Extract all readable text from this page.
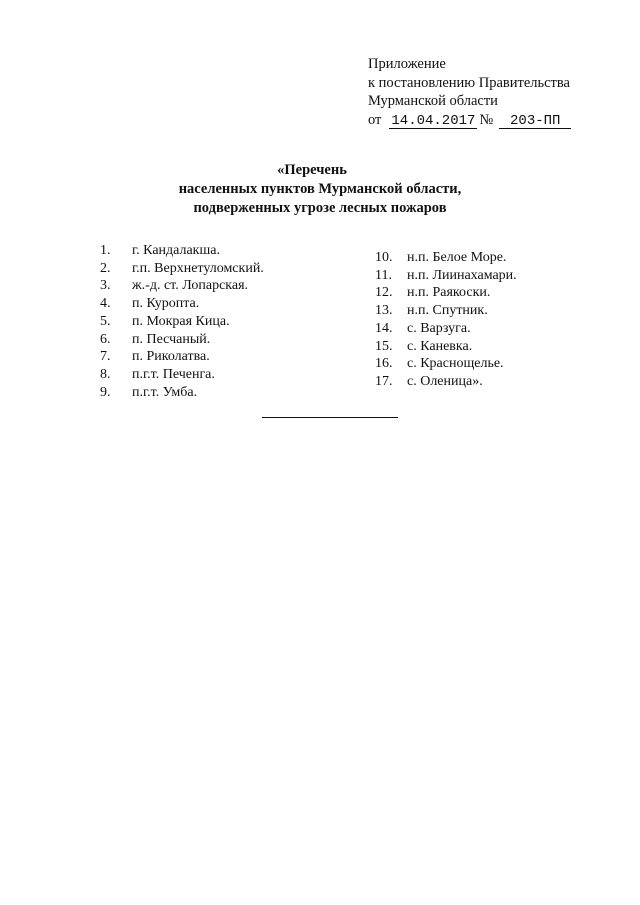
Приложение
к постановлению Правительства
Мурманской области
от 14.04.2017 № 203-ПП
«Перечень
населенных пунктов Мурманской области,
подверженных угрозе лесных пожаров
1.	г. Кандалакша.
2.	г.п. Верхнетуломский.
3.	ж.-д. ст. Лопарская.
4.	п. Куропта.
5.	п. Мокрая Кица.
6.	п. Песчаный.
7.	п. Риколатва.
8.	п.г.т. Печенга.
9.	п.г.т. Умба.
10.	н.п. Белое Море.
11.	н.п. Лиинахамари.
12.	н.п. Раякоски.
13.	н.п. Спутник.
14.	с. Варзуга.
15.	с. Каневка.
16.	с. Краснощелье.
17.	с. Оленица».
